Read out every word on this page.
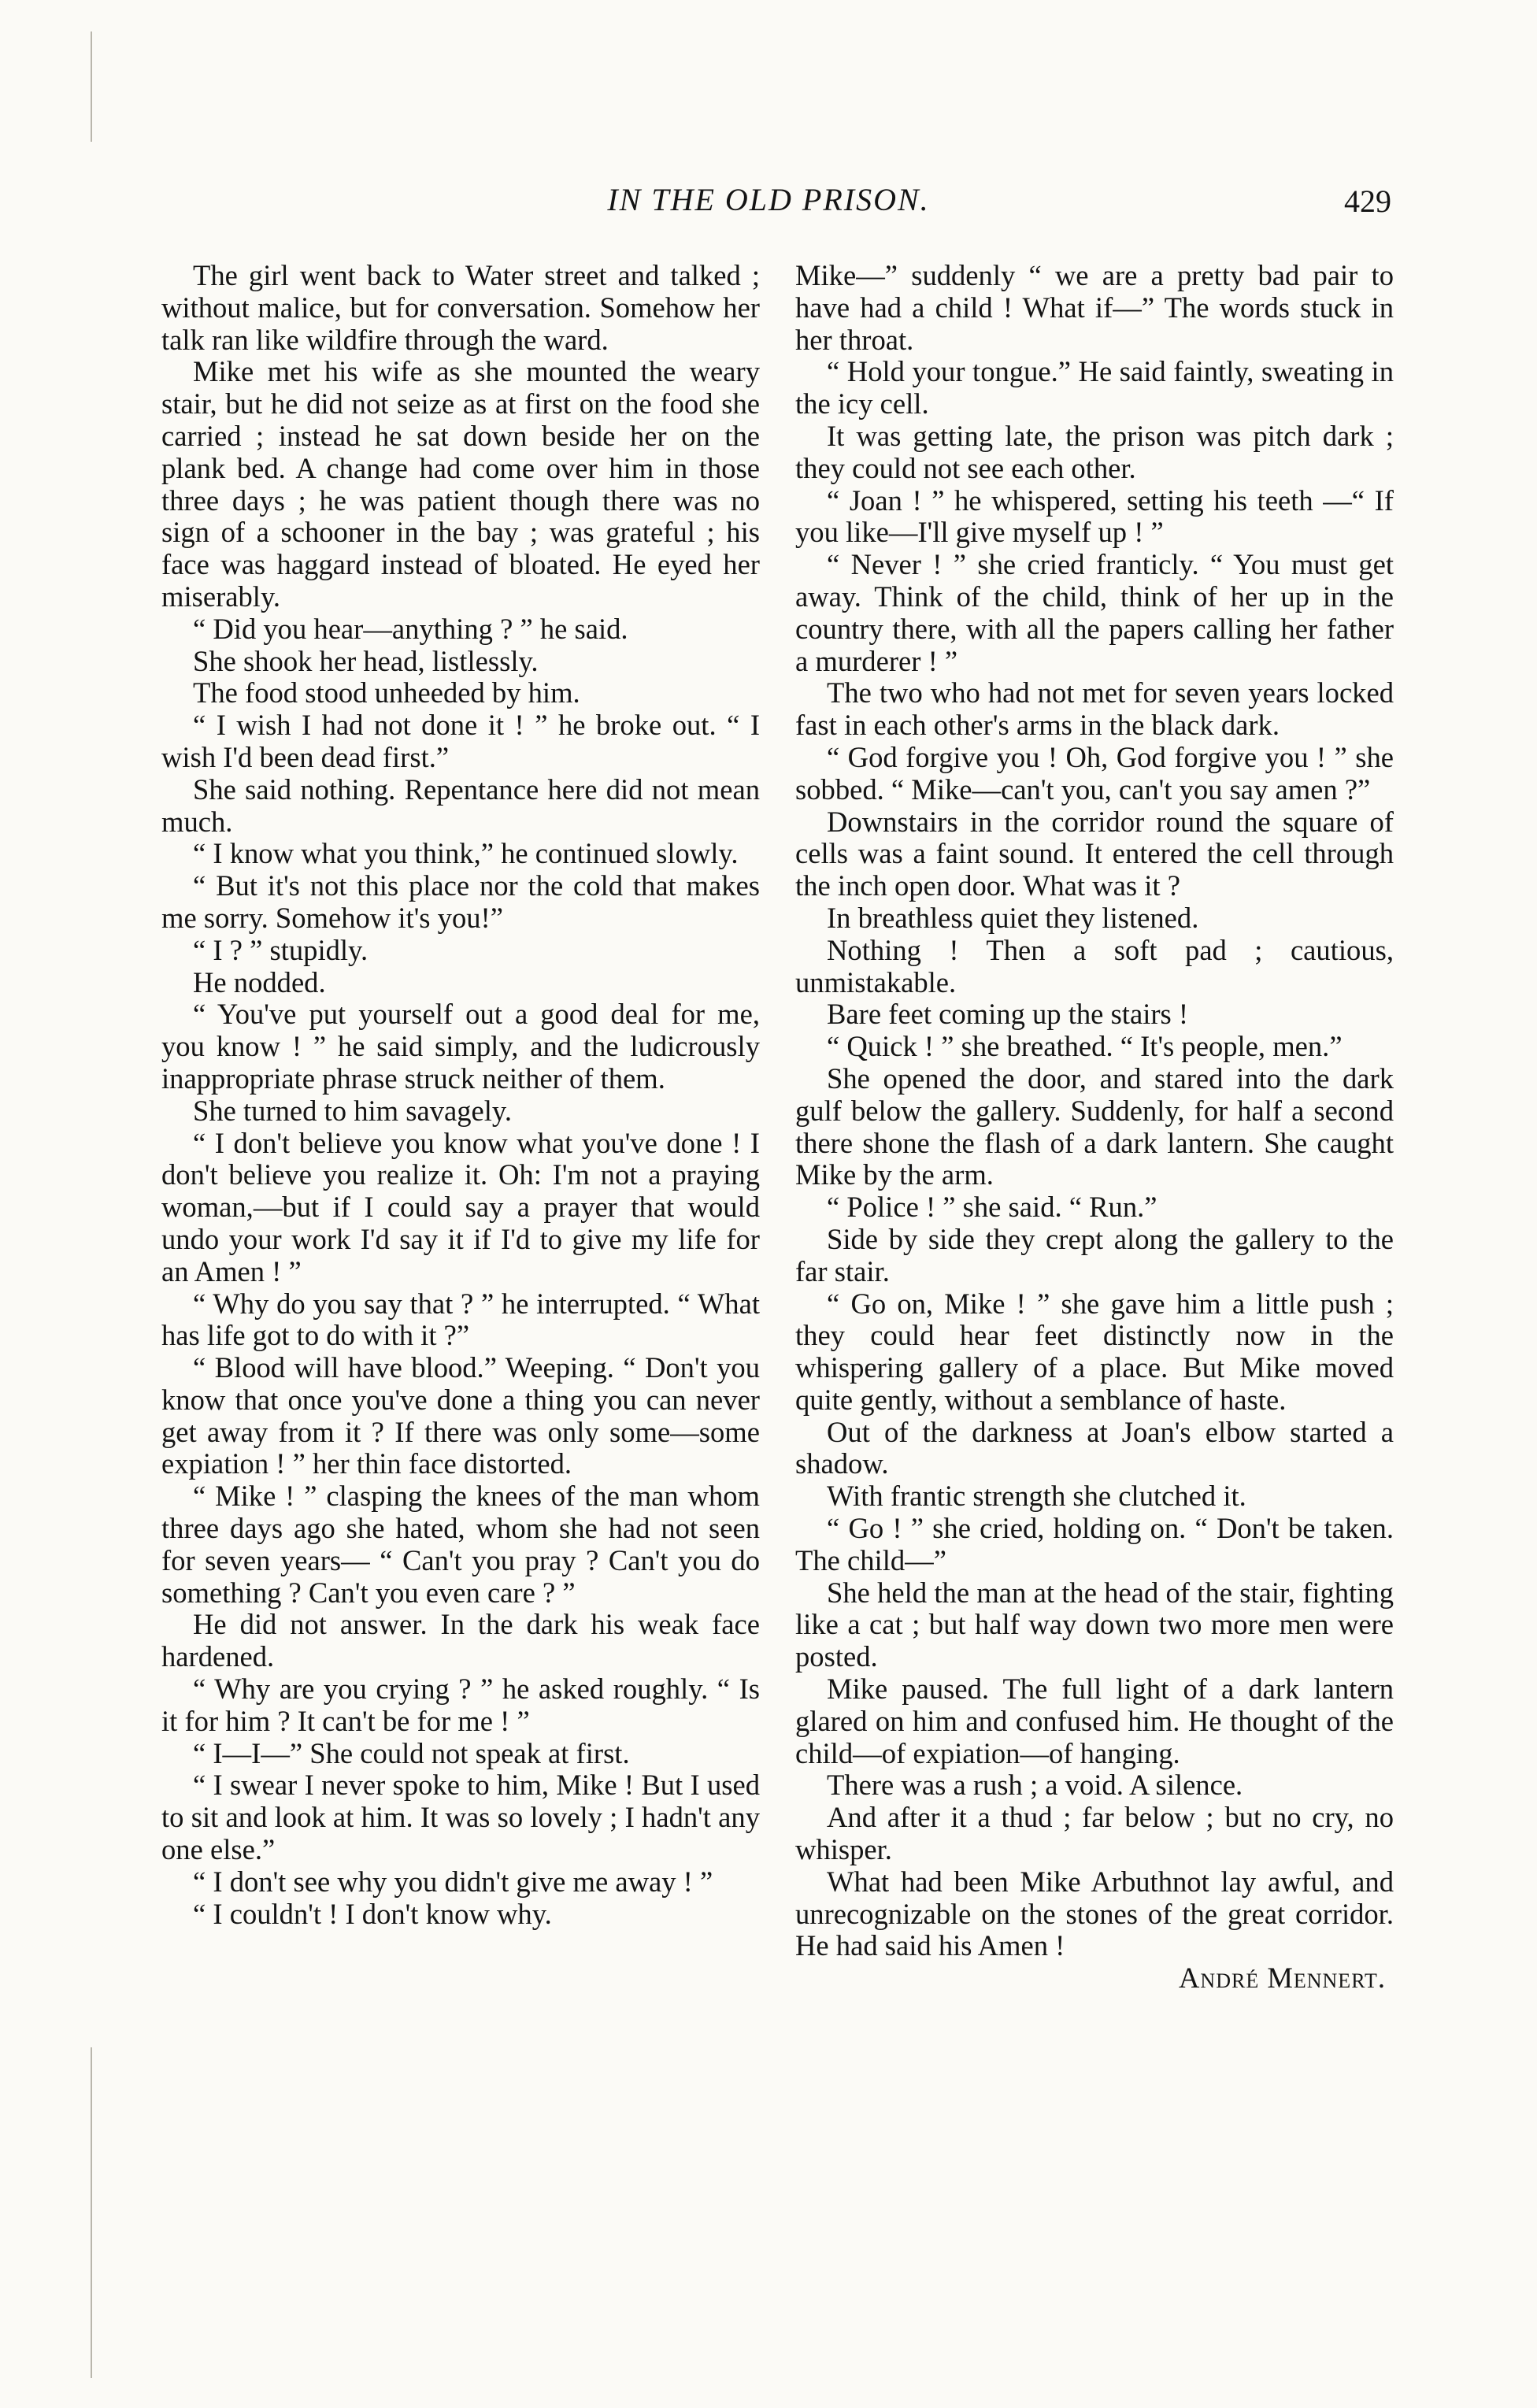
IN THE OLD PRISON.	429

The girl went back to Water street and talked ; without malice, but for conversation. Somehow her talk ran like wildfire through the ward.

Mike met his wife as she mounted the weary stair, but he did not seize as at first on the food she carried ; instead he sat down beside her on the plank bed. A change had come over him in those three days ; he was patient though there was no sign of a schooner in the bay ; was grateful ; his face was haggard instead of bloated. He eyed her miserably.

“ Did you hear—anything ? ” he said.

She shook her head, listlessly.

The food stood unheeded by him.

“ I wish I had not done it ! ” he broke out. “ I wish I'd been dead first.”

She said nothing. Repentance here did not mean much.

“ I know what you think,” he continued slowly.

“ But it's not this place nor the cold that makes me sorry. Somehow it's you!”

“ I ? ” stupidly.

He nodded.

“ You've put yourself out a good deal for me, you know ! ” he said simply, and the ludicrously inappropriate phrase struck neither of them.

She turned to him savagely.

“ I don't believe you know what you've done ! I don't believe you realize it. Oh: I'm not a praying woman,—but if I could say a prayer that would undo your work I'd say it if I'd to give my life for an Amen ! ”

“ Why do you say that ? ” he interrupted. “ What has life got to do with it ?”

“ Blood will have blood.” Weeping. “ Don't you know that once you've done a thing you can never get away from it ? If there was only some—some expiation ! ” her thin face distorted.

“ Mike ! ” clasping the knees of the man whom three days ago she hated, whom she had not seen for seven years— “ Can't you pray ? Can't you do something ? Can't you even care ? ”

He did not answer. In the dark his weak face hardened.

“ Why are you crying ? ” he asked roughly. “ Is it for him ? It can't be for me ! ”

“ I—I—” She could not speak at first.

“ I swear I never spoke to him, Mike ! But I used to sit and look at him. It was so lovely ; I hadn't any one else.”

“ I don't see why you didn't give me away ! ”

“ I couldn't ! I don't know why.

Mike—” suddenly “ we are a pretty bad pair to have had a child ! What if—” The words stuck in her throat.

“ Hold your tongue.” He said faintly, sweating in the icy cell.

It was getting late, the prison was pitch dark ; they could not see each other.

“ Joan ! ” he whispered, setting his teeth —“ If you like—I'll give myself up ! ”

“ Never ! ” she cried franticly. “ You must get away. Think of the child, think of her up in the country there, with all the papers calling her father a murderer ! ”

The two who had not met for seven years locked fast in each other's arms in the black dark.

“ God forgive you ! Oh, God forgive you ! ” she sobbed. “ Mike—can't you, can't you say amen ?”

Downstairs in the corridor round the square of cells was a faint sound. It entered the cell through the inch open door. What was it ?

In breathless quiet they listened.

Nothing ! Then a soft pad ; cautious, unmistakable.

Bare feet coming up the stairs !

“ Quick ! ” she breathed. “ It's people, men.”

She opened the door, and stared into the dark gulf below the gallery. Suddenly, for half a second there shone the flash of a dark lantern. She caught Mike by the arm.

“ Police ! ” she said. “ Run.”

Side by side they crept along the gallery to the far stair.

“ Go on, Mike ! ” she gave him a little push ; they could hear feet distinctly now in the whispering gallery of a place. But Mike moved quite gently, without a semblance of haste.

Out of the darkness at Joan's elbow started a shadow.

With frantic strength she clutched it.

“ Go ! ” she cried, holding on. “ Don't be taken. The child—”

She held the man at the head of the stair, fighting like a cat ; but half way down two more men were posted.

Mike paused. The full light of a dark lantern glared on him and confused him. He thought of the child—of expiation—of hanging.

There was a rush ; a void. A silence.

And after it a thud ; far below ; but no cry, no whisper.

What had been Mike Arbuthnot lay awful, and unrecognizable on the stones of the great corridor. He had said his Amen !

André Mennert.
